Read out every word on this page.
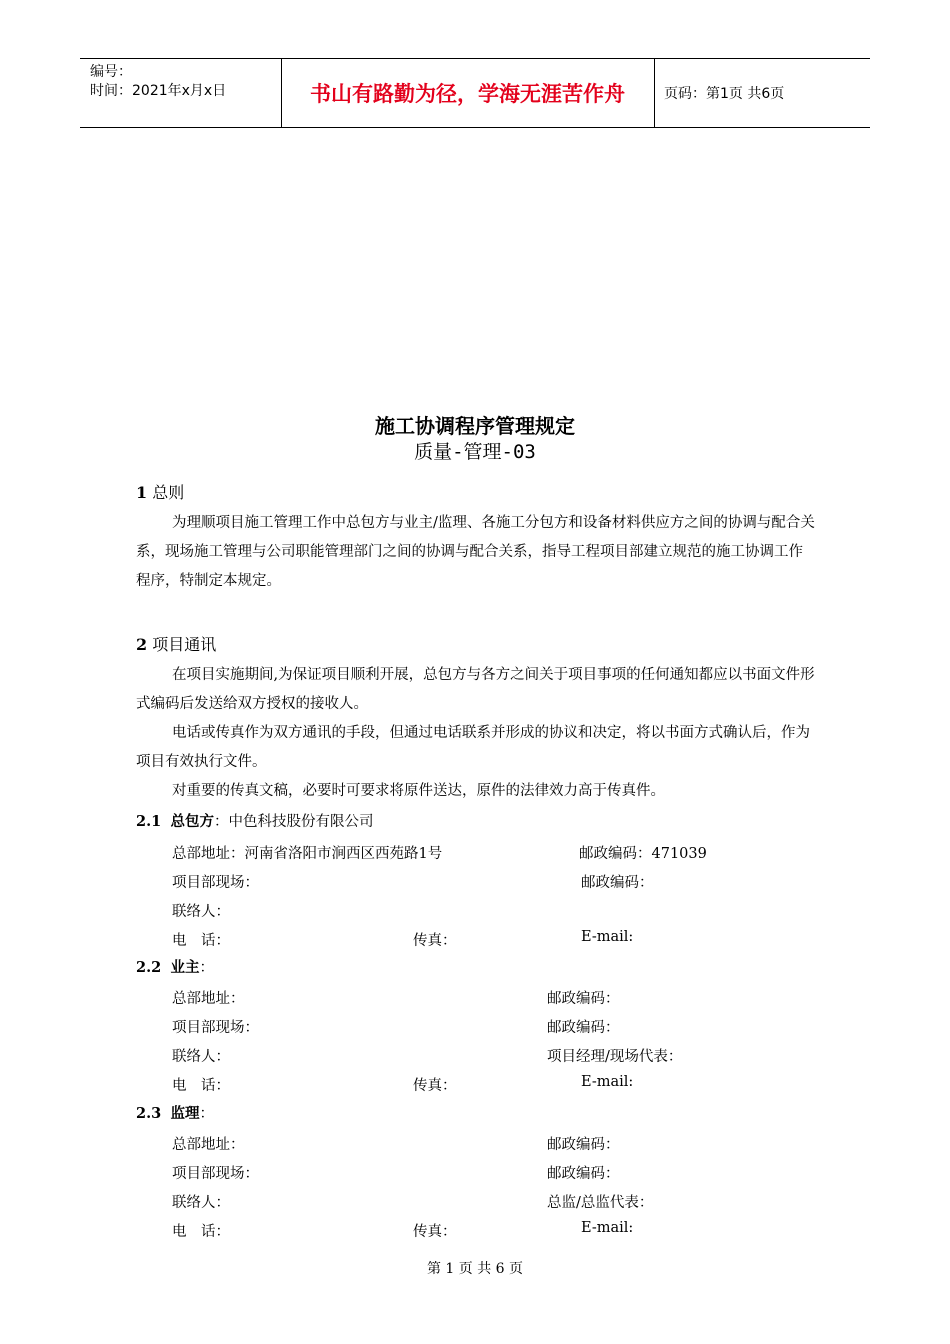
编号：
时间：2021年x月x日	书山有路勤为径，学海无涯苦作舟	页码：第1页 共6页
施工协调程序管理规定
质量-管理-03
1 总则

为理顺项目施工管理工作中总包方与业主/监理、各施工分包方和设备材料供应方之间的协调与配合关系，现场施工管理与公司职能管理部门之间的协调与配合关系，指导工程项目部建立规范的施工协调工作程序，特制定本规定。

2 项目通讯

在项目实施期间,为保证项目顺利开展，总包方与各方之间关于项目事项的任何通知都应以书面文件形式编码后发送给双方授权的接收人。

电话或传真作为双方通讯的手段，但通过电话联系并形成的协议和决定，将以书面方式确认后，作为项目有效执行文件。

对重要的传真文稿，必要时可要求将原件送达，原件的法律效力高于传真件。

2.1 总包方：中色科技股份有限公司
总部地址：河南省洛阳市涧西区西苑路1号	邮政编码：471039
项目部现场：	邮政编码：
联络人：
电　话：	传真：	E-mail:
2.2 业主：
总部地址：	邮政编码：
项目部现场：	邮政编码：
联络人：	项目经理/现场代表：
电　话：	传真：	E-mail:
2.3 监理：
总部地址：	邮政编码：
项目部现场：	邮政编码：
联络人：	总监/总监代表：
电　话：	传真：	E-mail:
第 1 页 共 6 页
